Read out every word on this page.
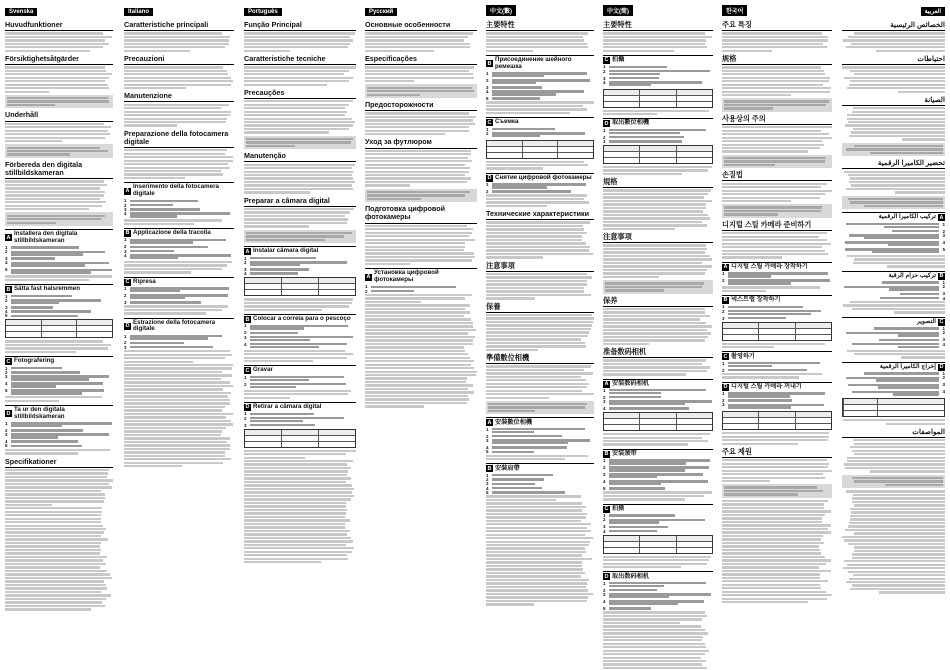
Svenska
Huvudfunktioner
Försiktighetsåtgärder
Underhåll
Förbereda den digitala stillbildskameran
A
Installera den digitala stillbildskameran
1
2
3
4
5
B Sätta fast halsremmen
1
2
3
4
5
C Fotografering
1
2
3
4
5
D
Ta ur den digitala stillbildskameran
1
2
3
4
5
Specifikationer
Italiano
Caratteristiche principali
Precauzioni
Manutenzione
Preparazione della fotocamera digitale
A
Inserimento della fotocamera digitale
1
2
3
4
B Applicazione della tracolla
1
2
3
4
C Ripresa
1
2
3
D
Estrazione della fotocamera digitale
1
2
3
Português
Função Principal
Caratteristiche tecniche
Precauções
Manutenção
Preparar a câmara digital
A Instalar câmara digital
1
2
3
4
B Colocar a correia para o pescoço
1
2
3
4
C Gravar
1
2
D Retirar a câmara digital
1
2
3
Русский
Основные особенности
Especificações
Предосторожности
Уход за футлюром
Подготовка цифровой фотокамеры
A
Установка цифровой фотокамеры
1
2
中文(繁)
主要特性
B
Присоединение шейного ремешка
1
2
3
4
5
C Съемка
1
2
D Снятие цифровой фотокамеры
1
2
Технические характеристики
注意事項
保養
準備數位相機
A 安裝數位相機
1
2
3
4
5
B 安裝肩帶
1
2
3
4
5
中文(简)
主要特性
C 拍攝
1
2
3
4
D 取出數位相機
1
2
3
規格
注意事项
保养
准备数码相机
A 安装数码相机
1
2
3
4
B 安装颈带
1
2
3
4
5
C 拍摄
1
2
3
4
D 取出数码相机
1
2
3
4
5
한국어
주요 특징
规格
사용상의 주의
손질법
디지털 스틸 카메라 준비하기
A 디지털 스틸 카메라 장착하기
1
2
B 넥스트랩 장착하기
1
2
3
C 촬영하기
1
2
D 디지털 스틸 카메라 꺼내기
1
2
3
주요 제원
العربية
الخصائص الرئيسية
احتياطات
الصيانة
تحضير الكاميرا الرقمية
A
تركيب الكاميرا الرقمية
1
2
3
4
5
B
تركيب حزام الرقبة
1
2
3
4
C
التصوير
1
2
3
4
D
إخراج الكاميرا الرقمية
1
2
3
4
المواصفات
